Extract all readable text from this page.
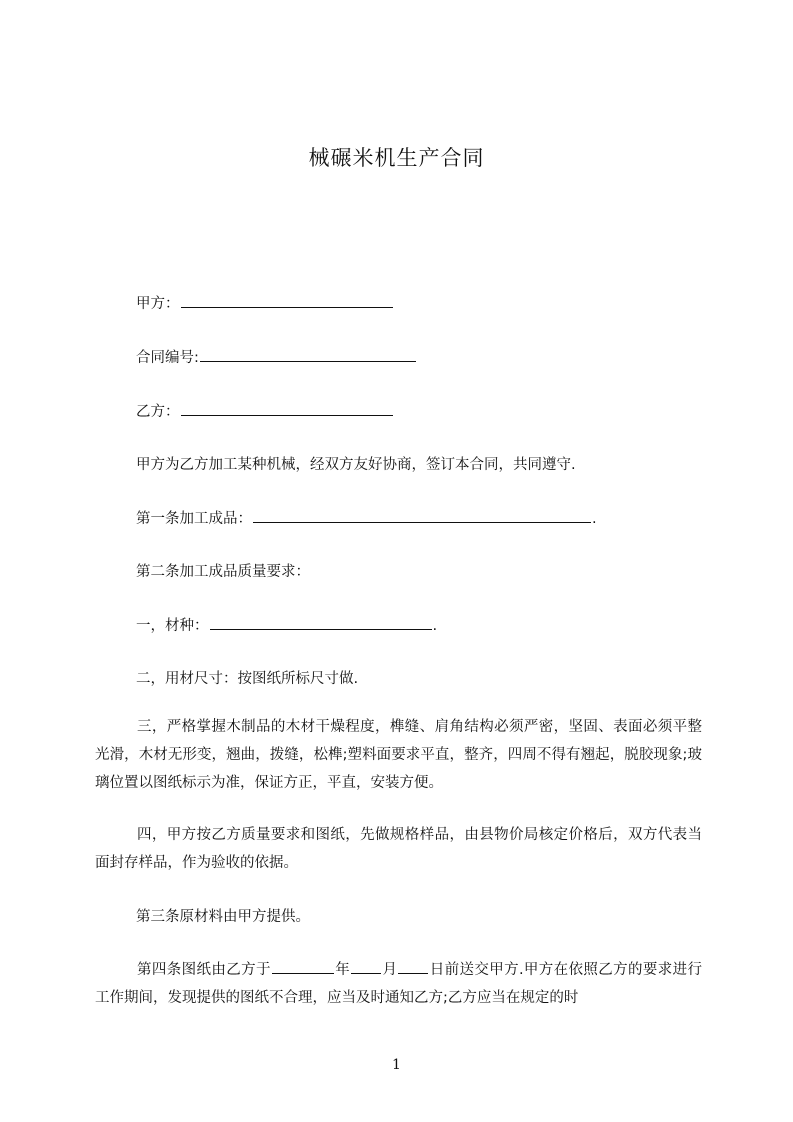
械碾米机生产合同
甲方：
合同编号:
乙方：
甲方为乙方加工某种机械，经双方友好协商，签订本合同，共同遵守.
第一条加工成品：	.
第二条加工成品质量要求：
一，材种：	.
二，用材尺寸：按图纸所标尺寸做.
三，严格掌握木制品的木材干燥程度，榫缝、肩角结构必须严密，坚固、表面必须平整光滑，木材无形变，翘曲，拨缝，松榫;塑料面要求平直，整齐，四周不得有翘起，脱胶现象;玻璃位置以图纸标示为准，保证方正，平直，安装方便。
四，甲方按乙方质量要求和图纸，先做规格样品，由县物价局核定价格后，双方代表当面封存样品，作为验收的依据。
第三条原材料由甲方提供。
第四条图纸由乙方于	年 月 日前送交甲方.甲方在依照乙方的要求进行工作期间，发现提供的图纸不合理，应当及时通知乙方;乙方应当在规定的时
1
